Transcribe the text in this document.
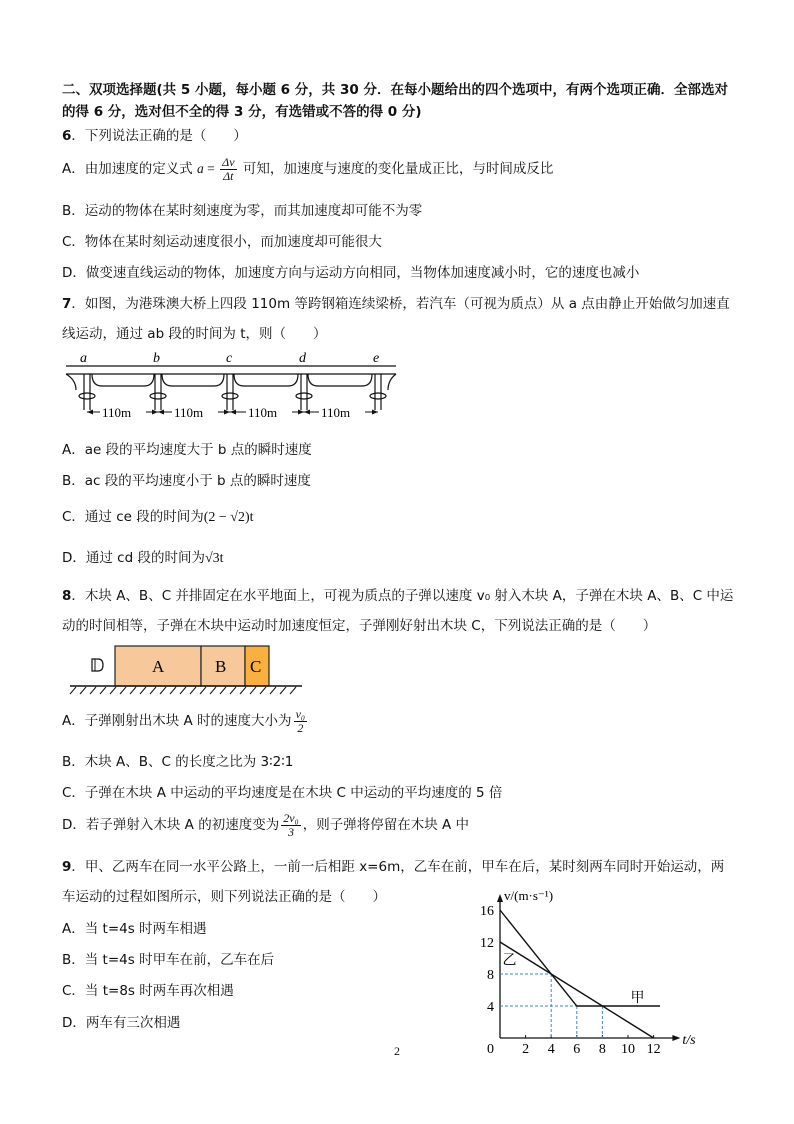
二、双项选择题(共 5 小题，每小题 6 分，共 30 分．在每小题给出的四个选项中，有两个选项正确．全部选对
的得 6 分，选对但不全的得 3 分，有选错或不答的得 0 分)
6．下列说法正确的是（　　）
A．由加速度的定义式 $a = \frac{\Delta v}{\Delta t}$ 可知，加速度与速度的变化量成正比，与时间成反比
B．运动的物体在某时刻速度为零，而其加速度却可能不为零
C．物体在某时刻运动速度很小，而加速度却可能很大
D．做变速直线运动的物体，加速度方向与运动方向相同，当物体加速度减小时，它的速度也减小
7．如图，为港珠澳大桥上四段 110m 等跨钢箱连续梁桥，若汽车（可视为质点）从 a 点由静止开始做匀加速直
线运动，通过 ab 段的时间为 t，则（　　）
a	b	c	d	e
110m	110m	110m	110m
A．ae 段的平均速度大于 b 点的瞬时速度
B．ac 段的平均速度小于 b 点的瞬时速度
C．通过 ce 段的时间为(2 − √2)t
D．通过 cd 段的时间为√3t
8．木块 A、B、C 并排固定在水平地面上，可视为质点的子弹以速度 v₀ 射入木块 A，子弹在木块 A、B、C 中运
动的时间相等，子弹在木块中运动时加速度恒定，子弹刚好射出木块 C，下列说法正确的是（　　）
A	B C
A．子弹刚射出木块 A 时的速度大小为 $\frac{\text{v₀}}{2}$
B．木块 A、B、C 的长度之比为 3∶2∶1
C．子弹在木块 A 中运动的平均速度是在木块 C 中运动的平均速度的 5 倍
D．若子弹射入木块 A 的初速度变为 $\frac{\text{2v₀}}{3}$ ，则子弹将停留在木块 A 中
9．甲、乙两车在同一水平公路上，一前一后相距 x=6m，乙车在前，甲车在后，某时刻两车同时开始运动，两
车运动的过程如图所示，则下列说法正确的是（　　）
A．当 t=4s 时两车相遇
B．当 t=4s 时甲车在前，乙车在后
C．当 t=8s 时两车再次相遇
D．两车有三次相遇
v/(m·s⁻¹)
t/s
2 4 6 8 10 12
4
8
12
16
0
甲
乙
2
